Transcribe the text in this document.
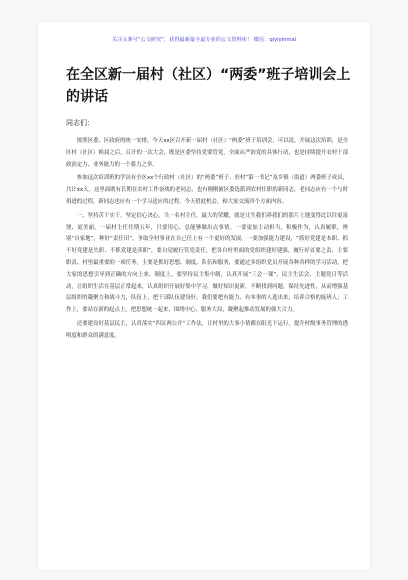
关注头条号“公文研究”，获得最新最全最专业的公文资料库！ 微信：qiyiyinmai
在全区新一届村（社区）“两委”班子培训会上的讲话
同志们：

按照区委、区政府的统一安排，今天xx区召开新一届村（社区）“两委”班子培训会。可以说，开展这次培训，是全区村（社区）换届之后，召开的一次大会，既是区委坚持党要管党，全面从严治党的具体行动，也是持续提升农村干部政治定力、业务能力的一个蓄力之举。

参加这次培训班的学员有全区xx个行政村（社区）的“两委”班子、驻村“第一书记”及乡镇（街道）两委班子成员，共计xx人。这里面既有长期在农村工作奋战的老同志，也有刚刚被区委选派到农村任职的新同志，老同志应有一个与时俱进的过程，新同志也应有一个学习适应的过程。今天借此机会，和大家交流四个方面内容。

一、坚持苦干实干，坚定信心决心。当一名村主任，最大的荣耀，就是让生我们养我们的那片土地变得比以往更富饶、更美丽，一届村主任任期五年，只要用心，总能够做出点事情。一要更加主动担当，积极作为，认真履职，辨别“自家地”，种好“责任田”，争取全村事业在自己任上有一个更好的发展。一要加强能力建设，“抓好党建是本职、抓不好党建是失职、不抓党建是渎职”，要自觉履行管党责任，把各自村里面的党组织建好建强，履行好首要之责、主要职责、村里最重要的一项任务，主要是抓好思想、制度、队伍和服务，要通过多组织党员开展各种各样的学习活动，把大家的思想引导到正确的方向上来，制度上，要坚持民主集中制，认真开展“三会一课”、民主生活会、主题党日等活动，让组织生活在基层正常起来，认真组织开展好集中学习，做好知识更新，不断找到问题，保持先进性，从而增强基层组织的凝聚力和战斗力，队伍上，把干部队伍建设好，我们要把有能力、有本事的人选出来，培养合格的接班人；工作上，要站在新的起点上，把思想统一起来，围绕中心、服务大局，凝聚起推动发展的强大合力。

还要建设好基层民主，认真落实“四议两公开”工作法，让村里的大事小情都在阳光下运行，提升村级事务管理的透明度和群众的满意度。
